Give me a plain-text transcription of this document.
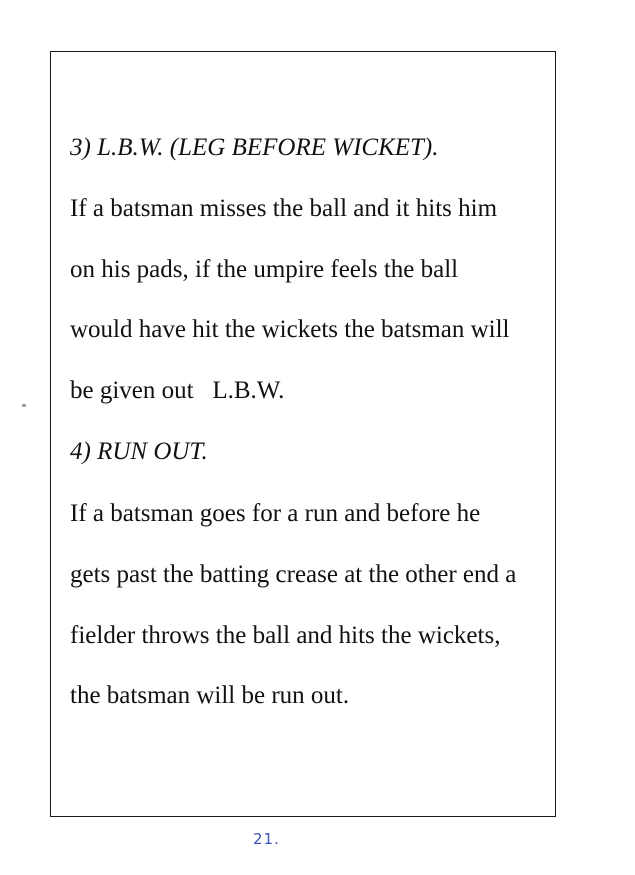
3) L.B.W. (LEG BEFORE WICKET).

If a batsman misses the ball and it hits him

on his pads, if the umpire feels the ball

would have hit the wickets the batsman will

be given out   L.B.W.

4) RUN OUT.

If a batsman goes for a run and before he

gets past the batting crease at the other end a

fielder throws the ball and hits the wickets,

the batsman will be run out.

21.
